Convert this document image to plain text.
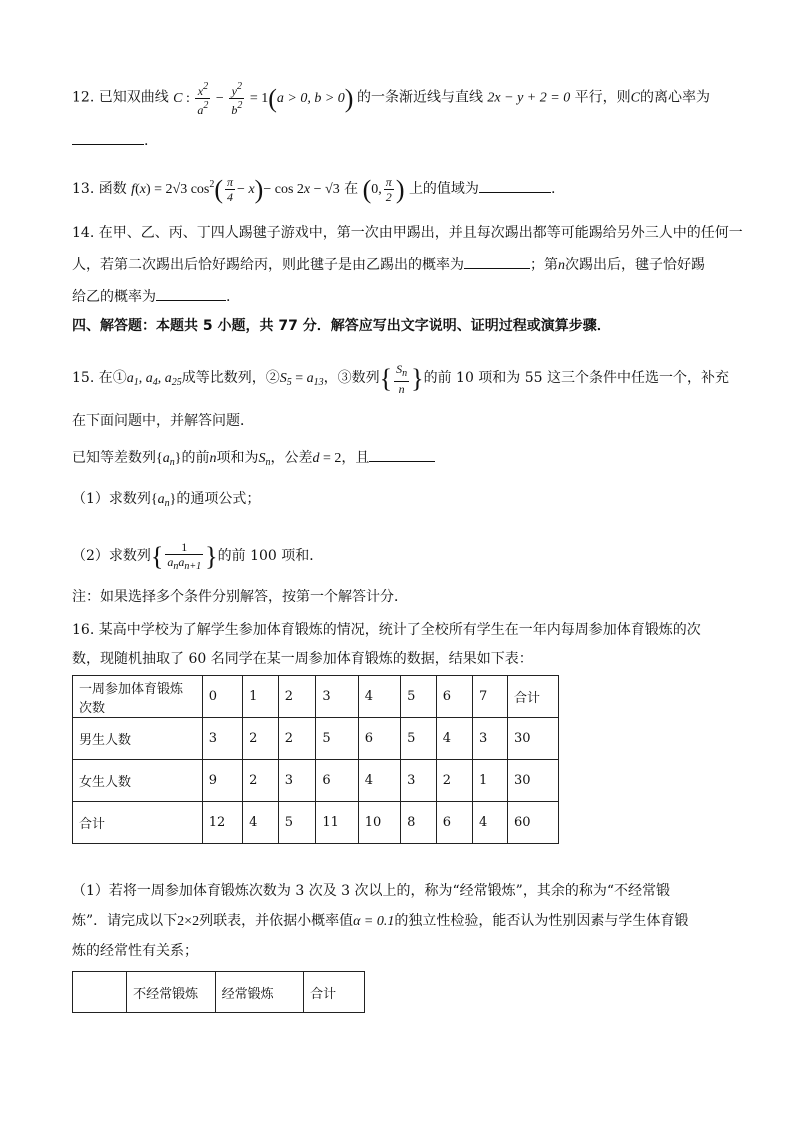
12. 已知双曲线 C : $\frac{x^2}{a^2} - \frac{y^2}{b^2} = 1(a > 0$, b > 0) 的一条渐近线与直线 2x − y + 2 = 0 平行，则C的离心率为
.
13. 函数 f(x) = 2√3 $\cos^2( \frac{\pi}{4} - x)- \cos 2x - √3$ 在 (0, $\frac{\pi}{2}$ ) 上的值域为	.
14. 在甲、乙、丙、丁四人踢毽子游戏中，第一次由甲踢出，并且每次踢出都等可能踢给另外三人中的任何一
人，若第二次踢出后恰好踢给丙，则此毽子是由乙踢出的概率为	；第n次踢出后，毽子恰好踢
给乙的概率为	.
四、解答题：本题共 5 小题，共 77 分．解答应写出文字说明、证明过程或演算步骤．
15. 在$①a_1$, $a_4$, $a_{25}$成等比数列，$②S_5 = a_{13}$，③数列{ $\frac{S_n}{n}$ }的前 10 项和为 55 这三个条件中任选一个，补充
在下面问题中，并解答问题．
已知等差数列$\{a_n\}$的前n项和为$S_n$，公差d = 2，且
（1）求数列$\{a_n\}$的通项公式；
（2）求数列{ $\frac{1}{a_na_{n+1}}$ }的前 100 项和．
注：如果选择多个条件分别解答，按第一个解答计分．
16. 某高中学校为了解学生参加体育锻炼的情况，统计了全校所有学生在一年内每周参加体育锻炼的次
数，现随机抽取了 60 名同学在某一周参加体育锻炼的数据，结果如下表：
一周参加体育锻炼次数	0	1	2	3	4	5	6	7	合计
男生人数	3	2	2	5	6	5	4	3	30
女生人数	9	2	3	6	4	3	2	1	30
合计	12	4	5	11	10	8	6	4	60
（1）若将一周参加体育锻炼次数为 3 次及 3 次以上的，称为“经常锻炼”，其余的称为“不经常锻
炼”．请完成以下2×2列联表，并依据小概率值α = 0.1的独立性检验，能否认为性别因素与学生体育锻
炼的经常性有关系；
	不经常锻炼	经常锻炼	合计
